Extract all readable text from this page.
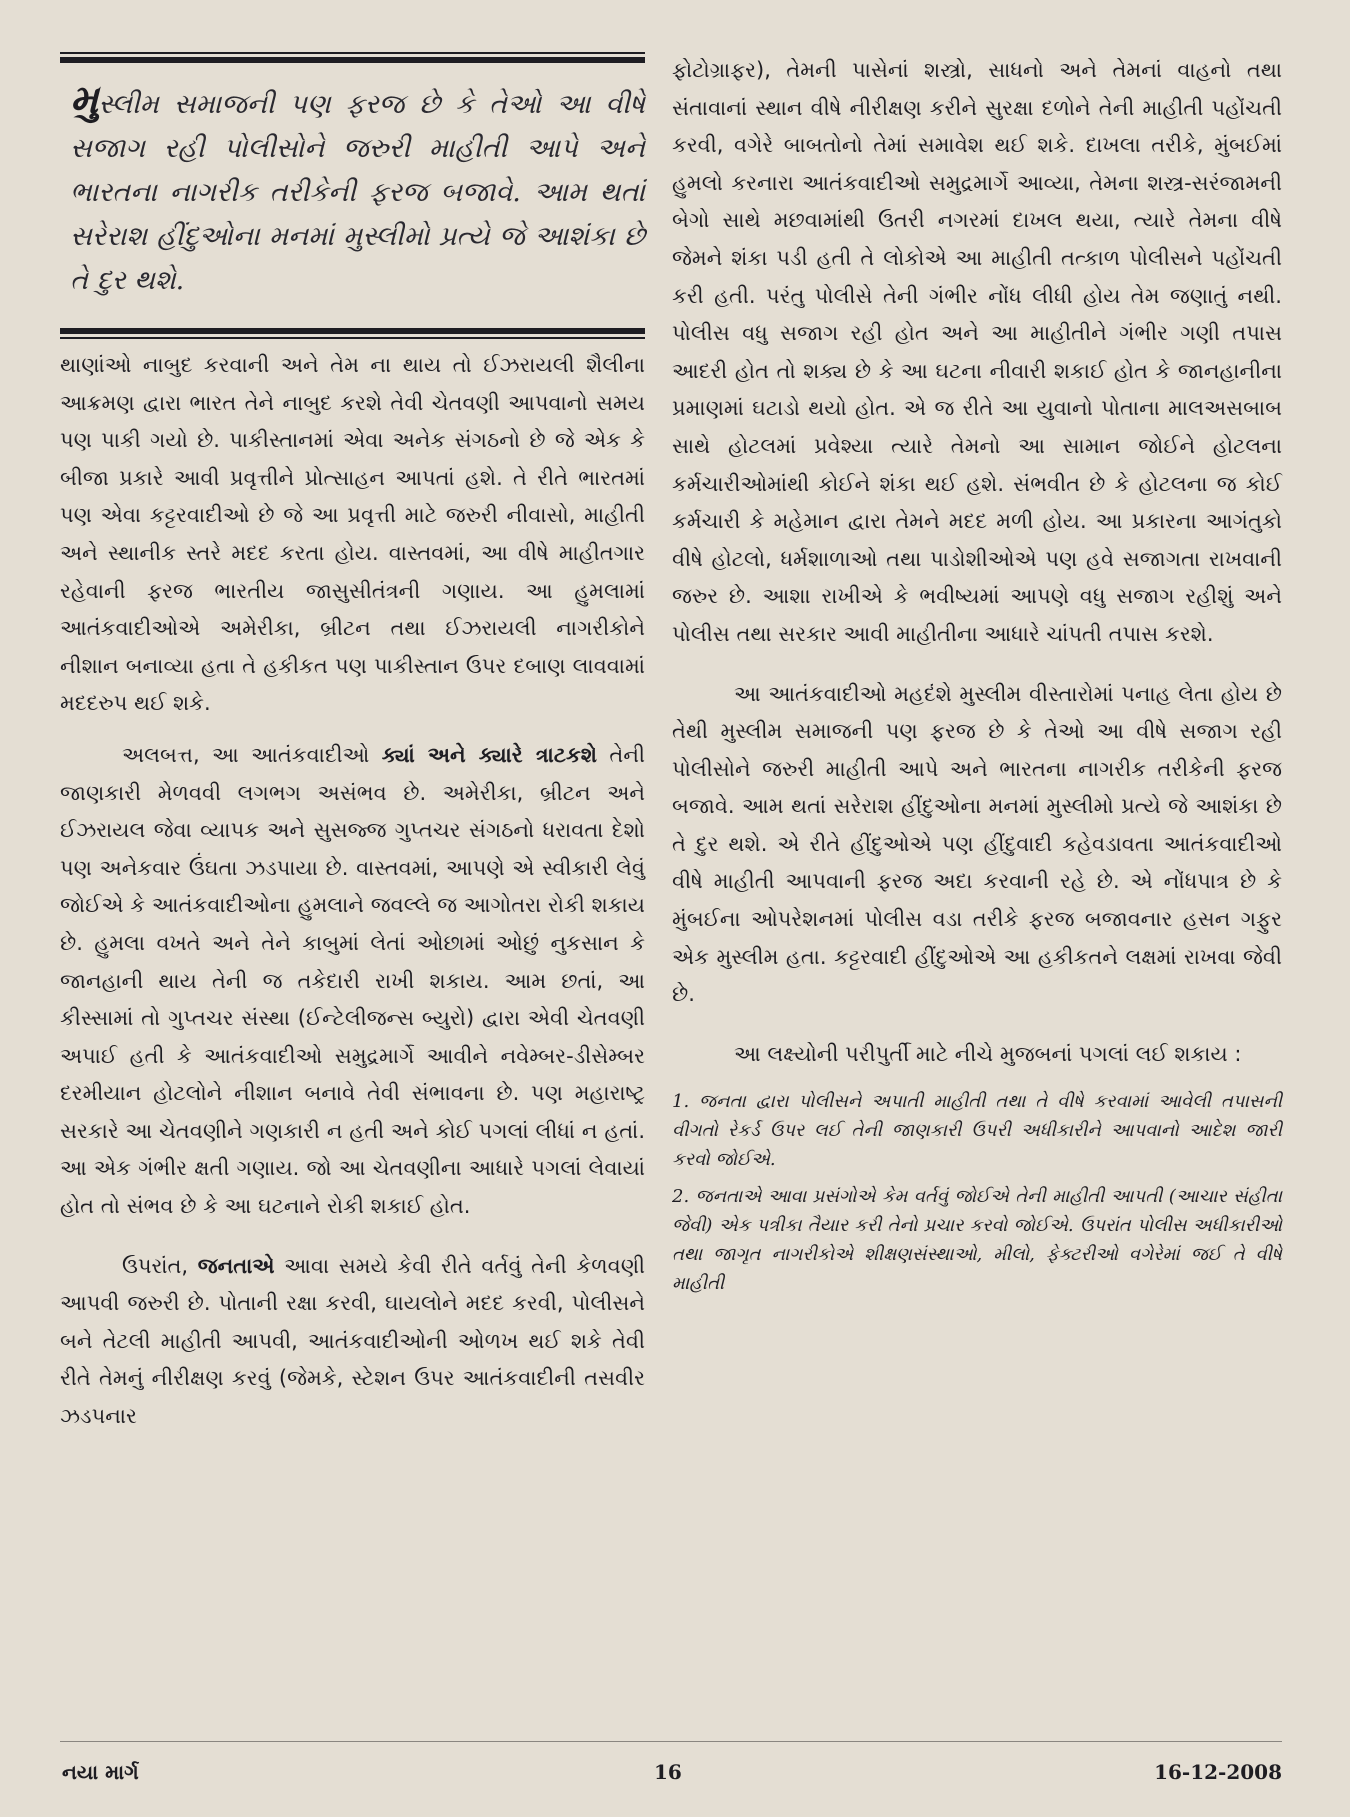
મુસ્લીમ સમાજની પણ ફરજ છે કે તેઓ આ વીષે સજાગ રહી પોલીસોને જરુરી માહીતી આપે અને ભારતના નાગરીક તરીકેની ફરજ બજાવે. આમ થતાં સરેરાશ હીંદુઓના મનમાં મુસ્લીમો પ્રત્યે જે આશંકા છે તે દુર થશે.

થાણાંઓ નાબુદ કરવાની અને તેમ ના થાય તો ઈઝરાયલી શૈલીના આક્રમણ દ્વારા ભારત તેને નાબુદ કરશે તેવી ચેતવણી આપવાનો સમય પણ પાકી ગયો છે. પાકીસ્તાનમાં એવા અનેક સંગઠનો છે જે એક કે બીજા પ્રકારે આવી પ્રવૃત્તીને પ્રોત્સાહન આપતાં હશે. તે રીતે ભારતમાં પણ એવા કટ્ટરવાદીઓ છે જે આ પ્રવૃત્તી માટે જરુરી નીવાસો, માહીતી અને સ્થાનીક સ્તરે મદદ કરતા હોય. વાસ્તવમાં, આ વીષે માહીતગાર રહેવાની ફરજ ભારતીય જાસુસીતંત્રની ગણાય. આ હુમલામાં આતંકવાદીઓએ અમેરીકા, બ્રીટન તથા ઈઝરાયલી નાગરીકોને નીશાન બનાવ્યા હતા તે હકીકત પણ પાકીસ્તાન ઉપર દબાણ લાવવામાં મદદરુપ થઈ શકે.

અલબત્ત, આ આતંકવાદીઓ ક્યાં અને ક્યારે ત્રાટકશે તેની જાણકારી મેળવવી લગભગ અસંભવ છે. અમેરીકા, બ્રીટન અને ઈઝરાયલ જેવા વ્યાપક અને સુસજ્જ ગુપ્તચર સંગઠનો ધરાવતા દેશો પણ અનેકવાર ઉંઘતા ઝડપાયા છે. વાસ્તવમાં, આપણે એ સ્વીકારી લેવું જોઈએ કે આતંકવાદીઓના હુમલાને જવલ્લે જ આગોતરા રોકી શકાય છે. હુમલા વખતે અને તેને કાબુમાં લેતાં ઓછામાં ઓછું નુકસાન કે જાનહાની થાય તેની જ તકેદારી રાખી શકાય. આમ છતાં, આ કીસ્સામાં તો ગુપ્તચર સંસ્થા (ઈન્ટેલીજન્સ બ્યુરો) દ્વારા એવી ચેતવણી અપાઈ હતી કે આતંકવાદીઓ સમુદ્રમાર્ગે આવીને નવેમ્બર-ડીસેમ્બર દરમીયાન હોટલોને નીશાન બનાવે તેવી સંભાવના છે. પણ મહારાષ્ટ્ર સરકારે આ ચેતવણીને ગણકારી ન હતી અને કોઈ પગલાં લીધાં ન હતાં. આ એક ગંભીર ક્ષતી ગણાય. જો આ ચેતવણીના આધારે પગલાં લેવાયાં હોત તો સંભવ છે કે આ ઘટનાને રોકી શકાઈ હોત.

ઉપરાંત, જનતાએ આવા સમયે કેવી રીતે વર્તવું તેની કેળવણી આપવી જરુરી છે. પોતાની રક્ષા કરવી, ઘાયલોને મદદ કરવી, પોલીસને બને તેટલી માહીતી આપવી, આતંકવાદીઓની ઓળખ થઈ શકે તેવી રીતે તેમનું નીરીક્ષણ કરવું (જેમકે, સ્ટેશન ઉપર આતંકવાદીની તસવીર ઝડપનાર

ફોટોગ્રાફર), તેમની પાસેનાં શસ્ત્રો, સાધનો અને તેમનાં વાહનો તથા સંતાવાનાં સ્થાન વીષે નીરીક્ષણ કરીને સુરક્ષા દળોને તેની માહીતી પહોંચતી કરવી, વગેરે બાબતોનો તેમાં સમાવેશ થઈ શકે. દાખલા તરીકે, મુંબઈમાં હુમલો કરનારા આતંકવાદીઓ સમુદ્રમાર્ગે આવ્યા, તેમના શસ્ત્ર-સરંજામની બેગો સાથે મછવામાંથી ઉતરી નગરમાં દાખલ થયા, ત્યારે તેમના વીષે જેમને શંકા પડી હતી તે લોકોએ આ માહીતી તત્કાળ પોલીસને પહોંચતી કરી હતી. પરંતુ પોલીસે તેની ગંભીર નોંધ લીધી હોય તેમ જણાતું નથી. પોલીસ વધુ સજાગ રહી હોત અને આ માહીતીને ગંભીર ગણી તપાસ આદરી હોત તો શક્ય છે કે આ ઘટના નીવારી શકાઈ હોત કે જાનહાનીના પ્રમાણમાં ઘટાડો થયો હોત. એ જ રીતે આ યુવાનો પોતાના માલઅસબાબ સાથે હોટલમાં પ્રવેશ્યા ત્યારે તેમનો આ સામાન જોઈને હોટલના કર્મચારીઓમાંથી કોઈને શંકા થઈ હશે. સંભવીત છે કે હોટલના જ કોઈ કર્મચારી કે મહેમાન દ્વારા તેમને મદદ મળી હોય. આ પ્રકારના આગંતુકો વીષે હોટલો, ધર્મશાળાઓ તથા પાડોશીઓએ પણ હવે સજાગતા રાખવાની જરુર છે. આશા રાખીએ કે ભવીષ્યમાં આપણે વધુ સજાગ રહીશું અને પોલીસ તથા સરકાર આવી માહીતીના આધારે ચાંપતી તપાસ કરશે.

આ આતંકવાદીઓ મહદંશે મુસ્લીમ વીસ્તારોમાં પનાહ લેતા હોય છે તેથી મુસ્લીમ સમાજની પણ ફરજ છે કે તેઓ આ વીષે સજાગ રહી પોલીસોને જરુરી માહીતી આપે અને ભારતના નાગરીક તરીકેની ફરજ બજાવે. આમ થતાં સરેરાશ હીંદુઓના મનમાં મુસ્લીમો પ્રત્યે જે આશંકા છે તે દુર થશે. એ રીતે હીંદુઓએ પણ હીંદુવાદી કહેવડાવતા આતંકવાદીઓ વીષે માહીતી આપવાની ફરજ અદા કરવાની રહે છે. એ નોંધપાત્ર છે કે મુંબઈના ઓપરેશનમાં પોલીસ વડા તરીકે ફરજ બજાવનાર હસન ગફુર એક મુસ્લીમ હતા. કટ્ટરવાદી હીંદુઓએ આ હકીકતને લક્ષમાં રાખવા જેવી છે.

આ લક્ષ્યોની પરીપુર્તી માટે નીચે મુજબનાં પગલાં લઈ શકાય :

1. જનતા દ્વારા પોલીસને અપાતી માહીતી તથા તે વીષે કરવામાં આવેલી તપાસની વીગતો રેકર્ડ ઉપર લઈ તેની જાણકારી ઉપરી અધીકારીને આપવાનો આદેશ જારી કરવો જોઈએ.

2. જનતાએ આવા પ્રસંગોએ કેમ વર્તવું જોઈએ તેની માહીતી આપતી (આચાર સંહીતા જેવી) એક પત્રીકા તૈયાર કરી તેનો પ્રચાર કરવો જોઈએ. ઉપરાંત પોલીસ અધીકારીઓ તથા જાગૃત નાગરીકોએ શીક્ષણસંસ્થાઓ, મીલો, ફેક્ટરીઓ વગેરેમાં જઈ તે વીષે માહીતી

નયા માર્ગ	16	16-12-2008
